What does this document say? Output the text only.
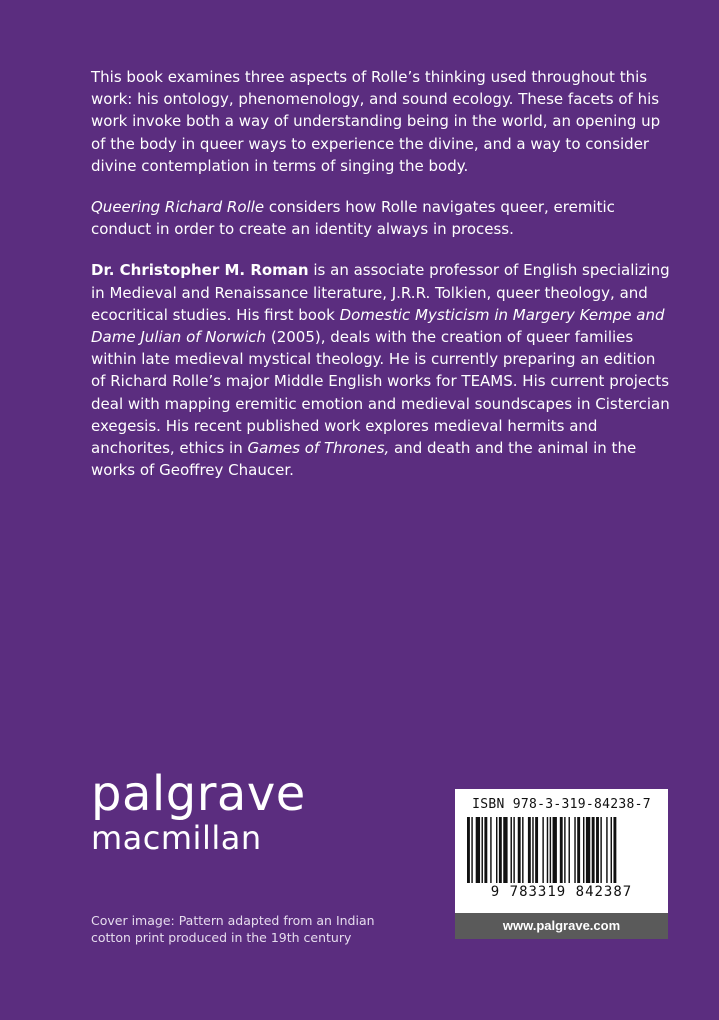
This book examines three aspects of Rolle’s thinking used throughout this work: his ontology, phenomenology, and sound ecology. These facets of his work invoke both a way of understanding being in the world, an opening up of the body in queer ways to experience the divine, and a way to consider divine contemplation in terms of singing the body.

Queering Richard Rolle considers how Rolle navigates queer, eremitic conduct in order to create an identity always in process.

Dr. Christopher M. Roman is an associate professor of English specializing in Medieval and Renaissance literature, J.R.R. Tolkien, queer theology, and ecocritical studies. His first book Domestic Mysticism in Margery Kempe and Dame Julian of Norwich (2005), deals with the creation of queer families within late medieval mystical theology. He is currently preparing an edition of Richard Rolle’s major Middle English works for TEAMS. His current projects deal with mapping eremitic emotion and medieval soundscapes in Cistercian exegesis. His recent published work explores medieval hermits and anchorites, ethics in Games of Thrones, and death and the animal in the works of Geoffrey Chaucer.

palgrave
macmillan
Cover image: Pattern adapted from an Indian cotton print produced in the 19th century
ISBN 978-3-319-84238-7
9 783319 842387
www.palgrave.com
